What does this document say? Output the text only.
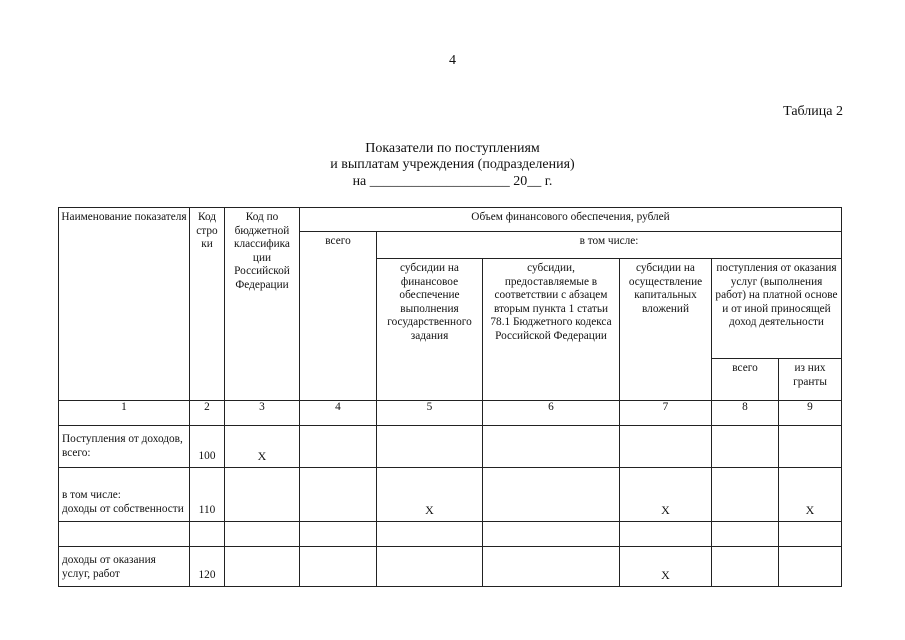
4
Таблица 2
Показатели по поступлениям
и выплатам учреждения (подразделения)
на ____________________ 20__ г.
Наименование показателя	Код стро ки	Код по бюджетной классифика ции Российской Федерации	Объем финансового обеспечения, рублей					

			всего	в том числе:				

				субсидии на финансовое обеспечение выполнения государственного задания	субсидии, предоставляемые в соответствии с абзацем вторым пункта 1 статьи 78.1 Бюджетного кодекса Российской Федерации	субсидии на осуществление капитальных вложений	поступления от оказания услуг (выполнения работ) на платной основе и от иной приносящей доход деятельности	

							всего	из них гранты

1	2	3	4	5	6	7	8	9
Поступления от доходов, всего:	100	X						
в том числе:
доходы от собственности	110			X		X		X

доходы от оказания услуг, работ	120					X		
